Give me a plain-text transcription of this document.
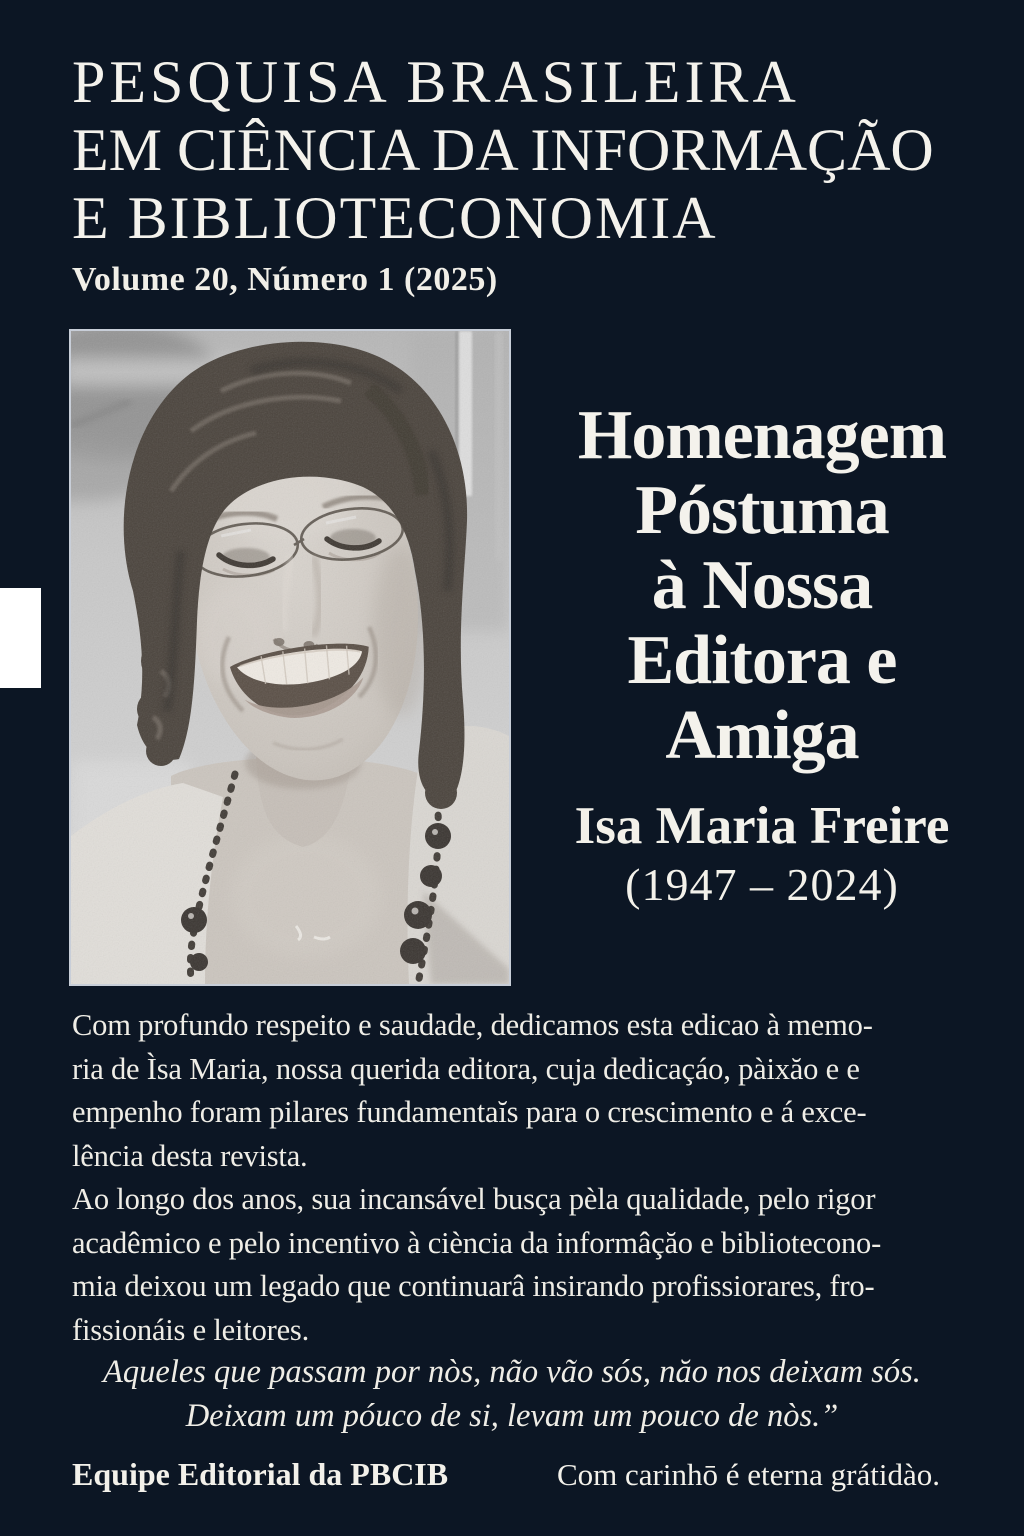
PESQUISA BRASILEIRA
EM CIÊNCIA DA INFORMAÇÃO
E BIBLIOTECONOMIA
Volume 20, Número 1 (2025)
Homenagem
Póstuma
à Nossa
Editora e
Amiga
Isa Maria Freire
(1947 – 2024)

Com profundo respeito e saudade, dedicamos esta edicao à memo-
ria de Ìsa Maria, nossa querida editora, cuja dedicaçáo, pàixăo e e
empenho foram pilares fundamentaĭs para o crescimento e á exce-
lência desta revista.

Ao longo dos anos, sua incansável busça pèla qualidade, pelo rigor
acadêmico e pelo incentivo à ciència da informâçăo e bibliotecono-
mia deixou um legado que continuarâ insirando profissiorares, fro-
fissionáis e leitores.

Aqueles que passam por nòs, não vão sós, năo nos deixam sós.
Deixam um póuco de si, levam um pouco de nòs.”
Equipe Editorial da PBCIB	Com carinhō é eterna grátidào.
